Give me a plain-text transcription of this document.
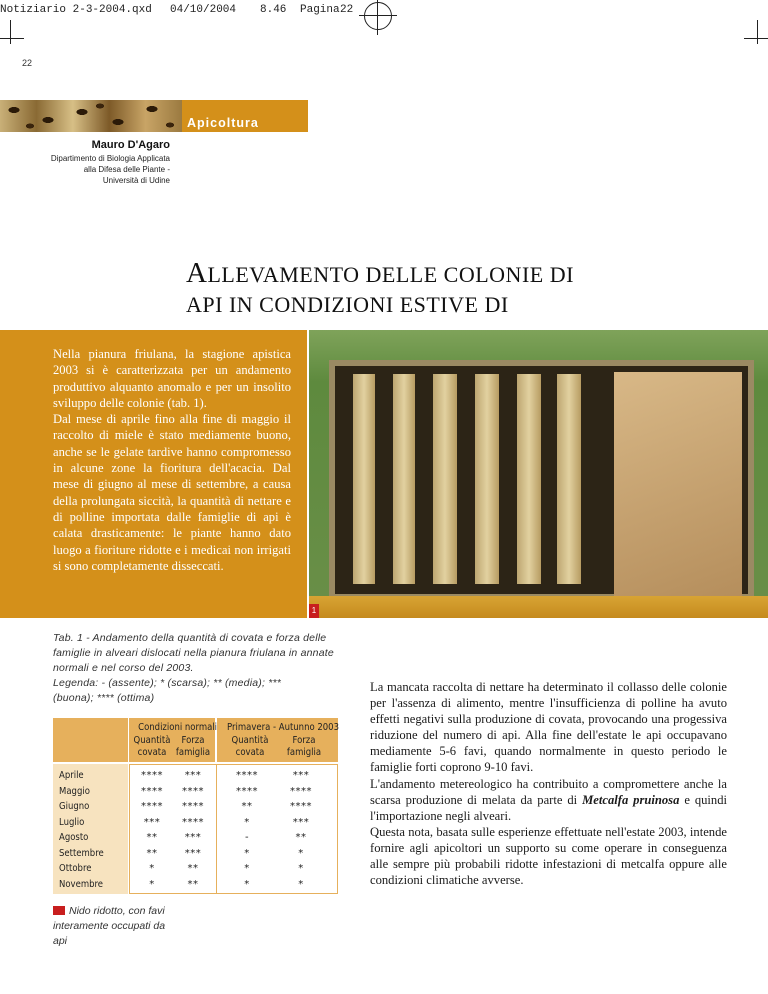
Notiziario 2-3-2004.qxd 04/10/2004 8.46 Pagina 22
22
Apicoltura
Mauro D'Agaro
Dipartimento di Biologia Applicata
alla Difesa delle Piante -
Università di Udine
ALLEVAMENTO DELLE COLONIE DI
API IN CONDIZIONI ESTIVE DI
Nella pianura friulana, la stagione apistica 2003 si è caratterizzata per un andamento produttivo alquanto anomalo e per un insolito sviluppo delle colonie (tab. 1).
Dal mese di aprile fino alla fine di maggio il raccolto di miele è stato mediamente buono, anche se le gelate tardive hanno compromesso in alcune zone la fioritura dell'acacia. Dal mese di giugno al mese di settembre, a causa della prolungata siccità, la quantità di nettare e di polline importata dalle famiglie di api è calata drasticamente: le piante hanno dato luogo a fioriture ridotte e i medicai non irrigati si sono completamente disseccati.
1
Tab. 1 - Andamento della quantità di covata e forza delle
famiglie in alveari dislocati nella pianura friulana in annate
normali e nel corso del 2003.
Legenda: - (assente); * (scarsa); ** (media); ***
(buona); **** (ottima)
Condizioni normali Primavera - Autunno 2003
Quantità
covata
Forza
famiglia
Quantità
covata
Forza
famiglia
Aprile	****	***	****	***
Maggio	****	****	****	****
Giugno	****	****	**	****
Luglio	***	****	*	***
Agosto	**	***	-	**
Settembre	**	***	*	*
Ottobre	*	**	*	*
Novembre	*	**	*	*
Nido ridotto, con favi interamente occupati da api

La mancata raccolta di nettare ha determinato il collasso delle colonie per l'assenza di alimento, mentre l'insufficienza di polline ha avuto effetti negativi sulla produzione di covata, provocando una progessiva riduzione del numero di api. Alla fine dell'estate le api occupavano mediamente 5-6 favi, quando normalmente in questo periodo le famiglie forti coprono 9-10 favi.

L'andamento metereologico ha contribuito a compromettere anche la scarsa produzione di melata da parte di Metcalfa pruinosa e quindi l'importazione negli alveari.

Questa nota, basata sulle esperienze effettuate nell'estate 2003, intende fornire agli apicoltori un supporto su come operare in conseguenza alle sempre più probabili ridotte infestazioni di metcalfa oppure alle condizioni climatiche avverse.
